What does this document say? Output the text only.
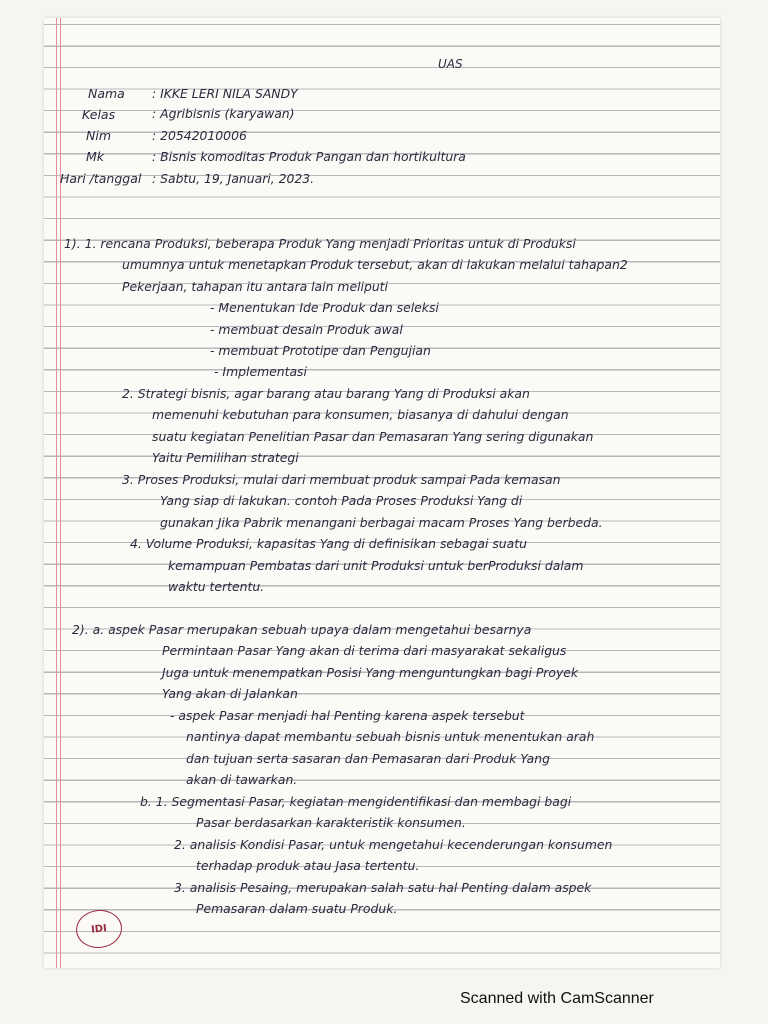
UAS
Nama : IKKE LERI NILA SANDY
Kelas	: Agribisnis (karyawan)
Nim	: 20542010006
Mk	: Bisnis komoditas Produk Pangan dan hortikultura
Hari /tanggal : Sabtu, 19, Januari, 2023.
1). 1. rencana Produksi, beberapa Produk Yang menjadi Prioritas untuk di Produksi
umumnya untuk menetapkan Produk tersebut, akan di lakukan melalui tahapan2
Pekerjaan, tahapan itu antara lain meliputi
- Menentukan Ide Produk dan seleksi
- membuat desain Produk awal
- membuat Prototipe dan Pengujian
- Implementasi
2. Strategi bisnis, agar barang atau barang Yang di Produksi akan
memenuhi kebutuhan para konsumen, biasanya di dahului dengan
suatu kegiatan Penelitian Pasar dan Pemasaran Yang sering digunakan
Yaitu Pemilihan strategi
3. Proses Produksi, mulai dari membuat produk sampai Pada kemasan
Yang siap di lakukan. contoh Pada Proses Produksi Yang di
gunakan Jika Pabrik menangani berbagai macam Proses Yang berbeda.
4. Volume Produksi, kapasitas Yang di definisikan sebagai suatu
kemampuan Pembatas dari unit Produksi untuk berProduksi dalam
waktu tertentu.
2). a. aspek Pasar merupakan sebuah upaya dalam mengetahui besarnya
Permintaan Pasar Yang akan di terima dari masyarakat sekaligus
Juga untuk menempatkan Posisi Yang menguntungkan bagi Proyek
Yang akan di Jalankan
- aspek Pasar menjadi hal Penting karena aspek tersebut
nantinya dapat membantu sebuah bisnis untuk menentukan arah
dan tujuan serta sasaran dan Pemasaran dari Produk Yang
akan di tawarkan.
b. 1. Segmentasi Pasar, kegiatan mengidentifikasi dan membagi bagi
Pasar berdasarkan karakteristik konsumen.
2. analisis Kondisi Pasar, untuk mengetahui kecenderungan konsumen
terhadap produk atau Jasa tertentu.
3. analisis Pesaing, merupakan salah satu hal Penting dalam aspek
Pemasaran dalam suatu Produk.
IDI
Scanned with CamScanner
